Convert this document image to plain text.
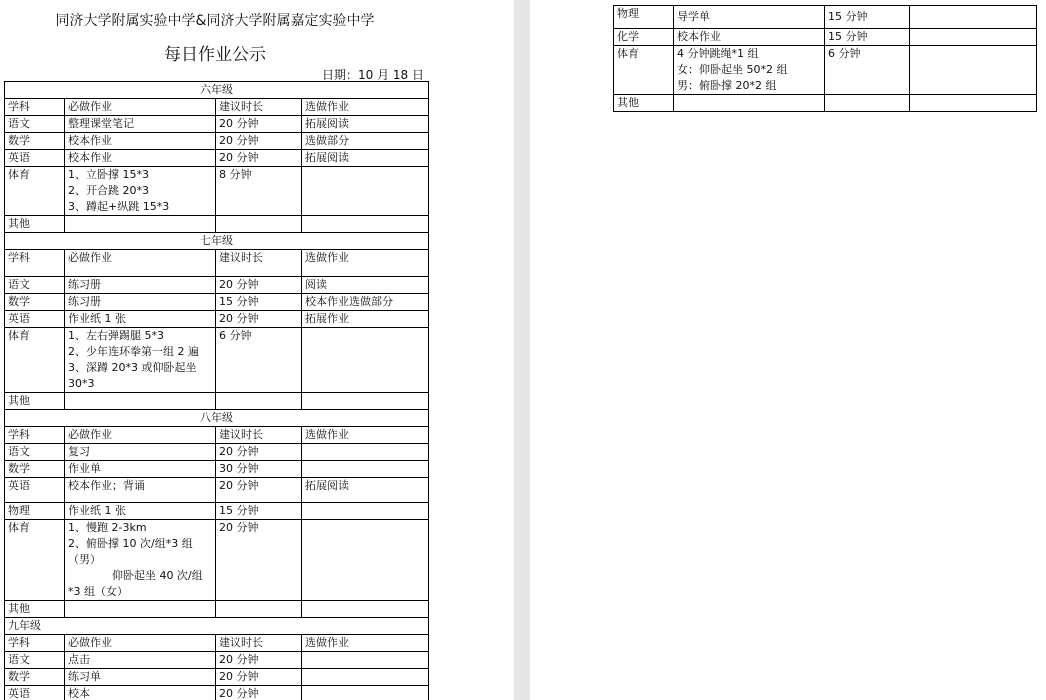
同济大学附属实验中学&同济大学附属嘉定实验中学
每日作业公示
日期：10 月 18 日
六年级			
学科	必做作业	建议时长	选做作业
语文	整理课堂笔记	20 分钟	拓展阅读
数学	校本作业	20 分钟	选做部分
英语	校本作业	20 分钟	拓展阅读
体育	1、立卧撑 15*3
2、开合跳 20*3
3、蹲起+纵跳 15*3	8 分钟	
其他			
七年级			
学科	必做作业	建议时长	选做作业
语文	练习册	20 分钟	阅读
数学	练习册	15 分钟	校本作业选做部分
英语	作业纸 1 张	20 分钟	拓展作业
体育	1、左右弹踢腿 5*3
2、少年连环拳第一组 2 遍
3、深蹲 20*3 或仰卧起坐
30*3	6 分钟	
其他			
八年级			
学科	必做作业	建议时长	选做作业
语文	复习	20 分钟	
数学	作业单	30 分钟	
英语	校本作业；背诵	20 分钟	拓展阅读
物理	作业纸 1 张	15 分钟	
体育	1、慢跑 2-3km
2、俯卧撑 10 次/组*3 组
（男）
仰卧起坐 40 次/组
*3 组（女）	20 分钟	
其他			
九年级			
学科	必做作业	建议时长	选做作业
语文	点击	20 分钟	
数学	练习单	20 分钟	
英语	校本	20 分钟	
物理	导学单	15 分钟	
化学	校本作业	15 分钟	
体育	4 分钟跳绳*1 组
女：仰卧起坐 50*2 组
男：俯卧撑 20*2 组	6 分钟	
其他			
